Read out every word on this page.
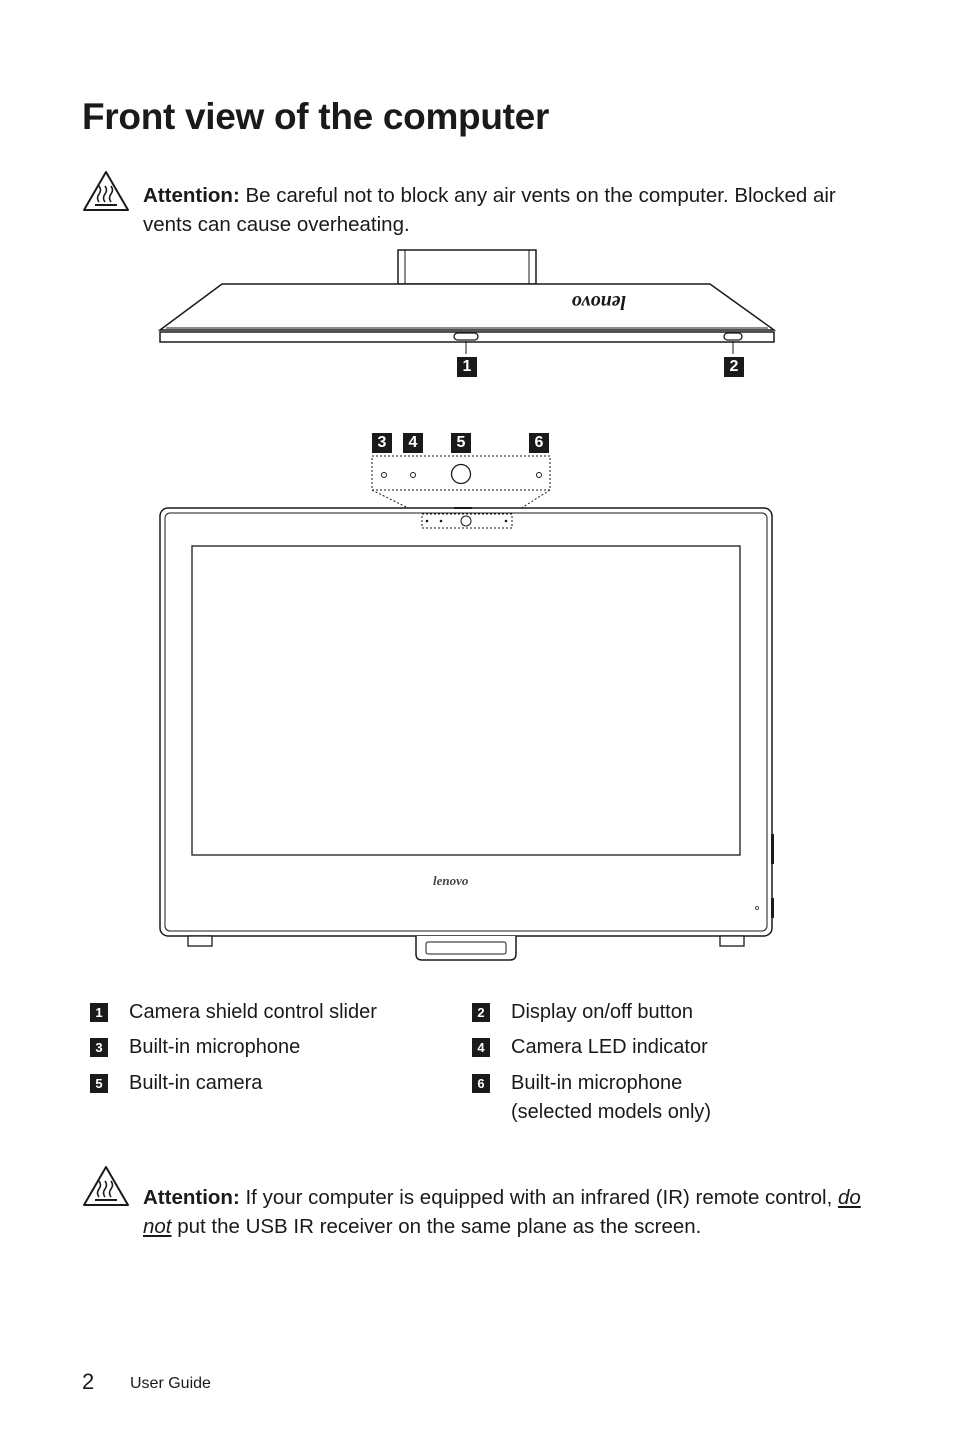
Front view of the computer
Attention: Be careful not to block any air vents on the computer. Blocked air vents can cause overheating.
lenovo
1	2
lenovo
3	4	5	6
1 Camera shield control slider	2 Display on/off button
3 Built-in microphone	4 Camera LED indicator
5 Built-in camera	6 Built-in microphone (selected models only)
Attention: If your computer is equipped with an infrared (IR) remote control, do not put the USB IR receiver on the same plane as the screen.
2 User Guide
